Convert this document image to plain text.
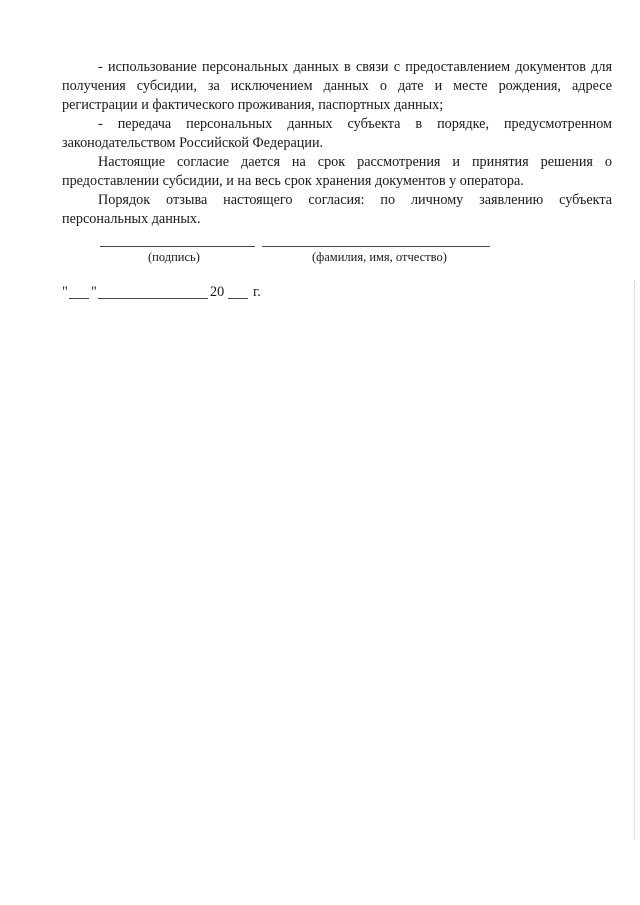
- использование персональных данных в связи с предоставлением документов для получения субсидии, за исключением данных о дате и месте рождения, адресе регистрации и фактического проживания, паспортных данных;

- передача персональных данных субъекта в порядке, предусмотренном законодательством Российской Федерации.

Настоящие согласие дается на срок рассмотрения и принятия решения о предоставлении субсидии, и на весь срок хранения документов у оператора.

Порядок отзыва настоящего согласия: по личному заявлению субъекта персональных данных.

(подпись)	(фамилия, имя, отчество)
" "	20 г.
